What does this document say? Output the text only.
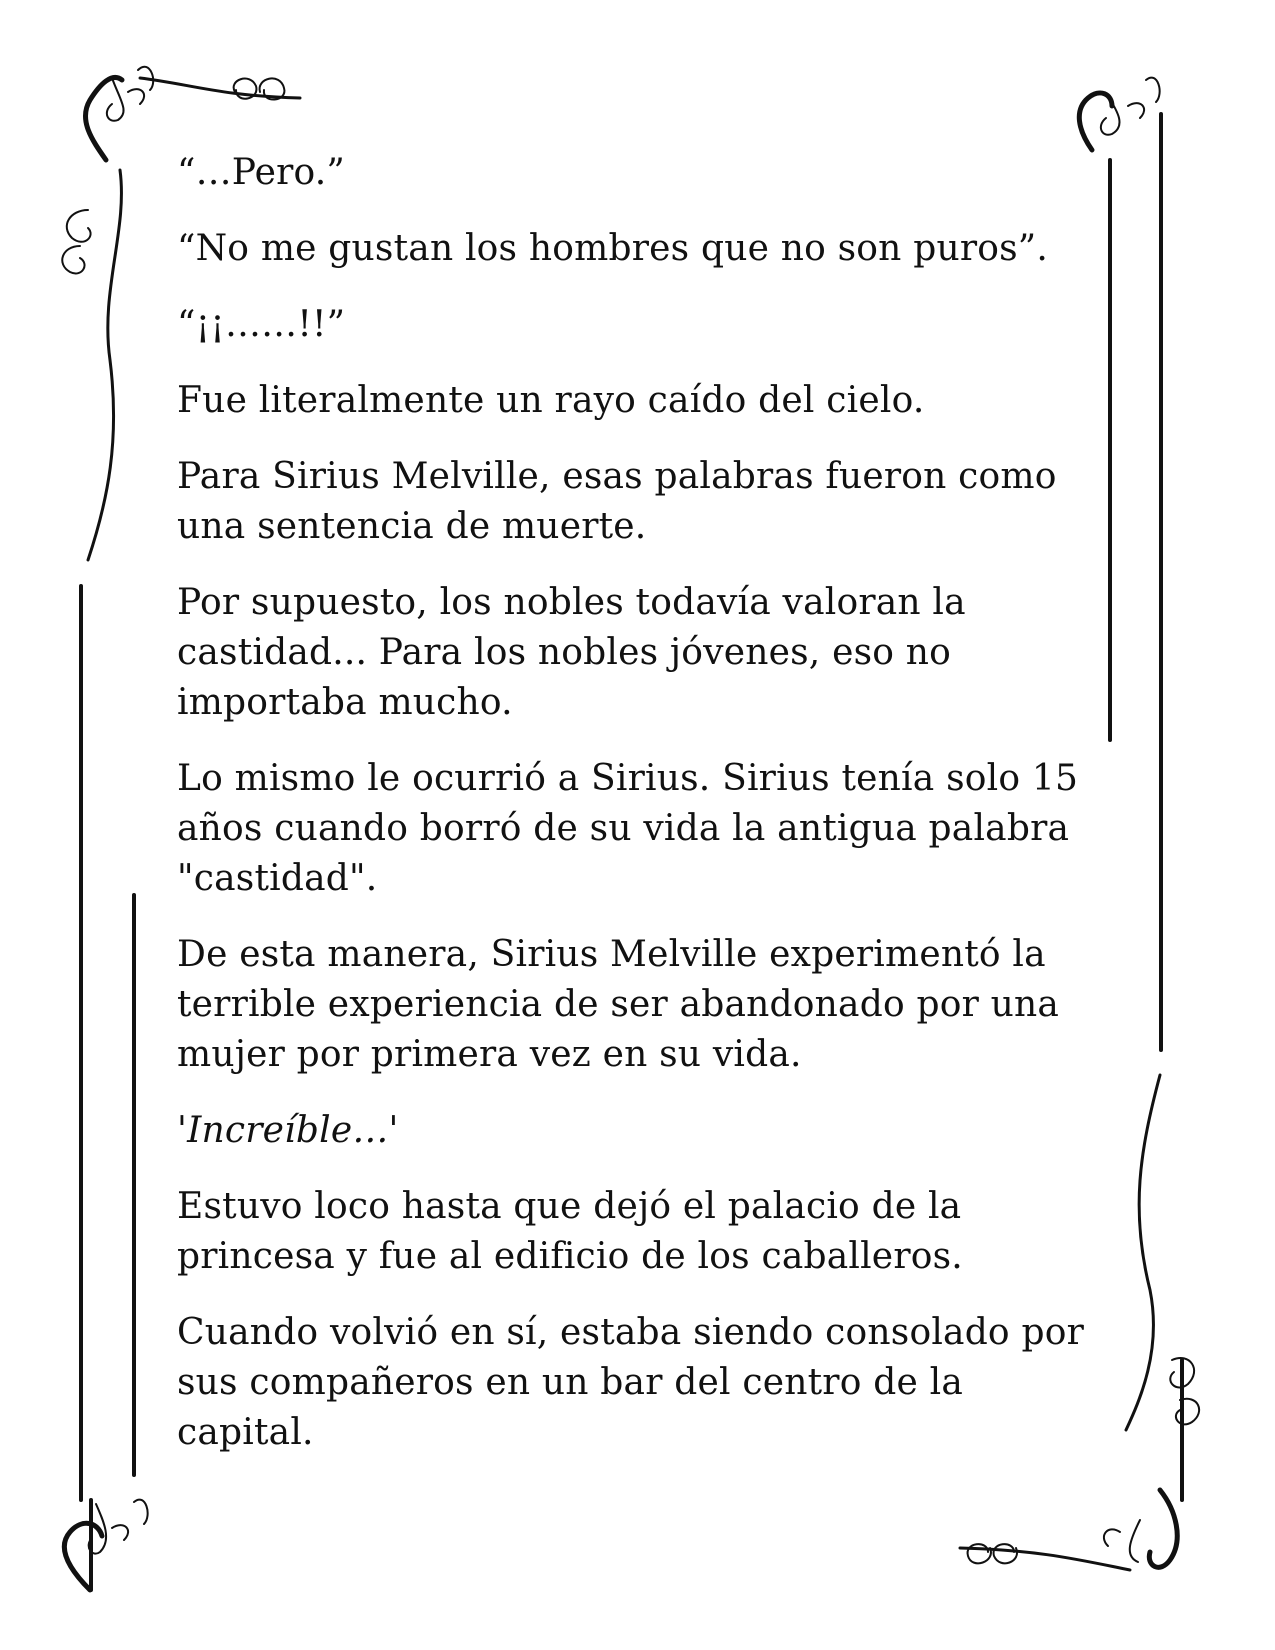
“…Pero.”

“No me gustan los hombres que no son puros”.

“¡¡……!!”

Fue literalmente un rayo caído del cielo.

Para Sirius Melville, esas palabras fueron como una sentencia de muerte.

Por supuesto, los nobles todavía valoran la castidad... Para los nobles jóvenes, eso no importaba mucho.

Lo mismo le ocurrió a Sirius. Sirius tenía solo 15 años cuando borró de su vida la antigua palabra "castidad".

De esta manera, Sirius Melville experimentó la terrible experiencia de ser abandonado por una mujer por primera vez en su vida.

'Increíble…'

Estuvo loco hasta que dejó el palacio de la princesa y fue al edificio de los caballeros.

Cuando volvió en sí, estaba siendo consolado por sus compañeros en un bar del centro de la capital.
